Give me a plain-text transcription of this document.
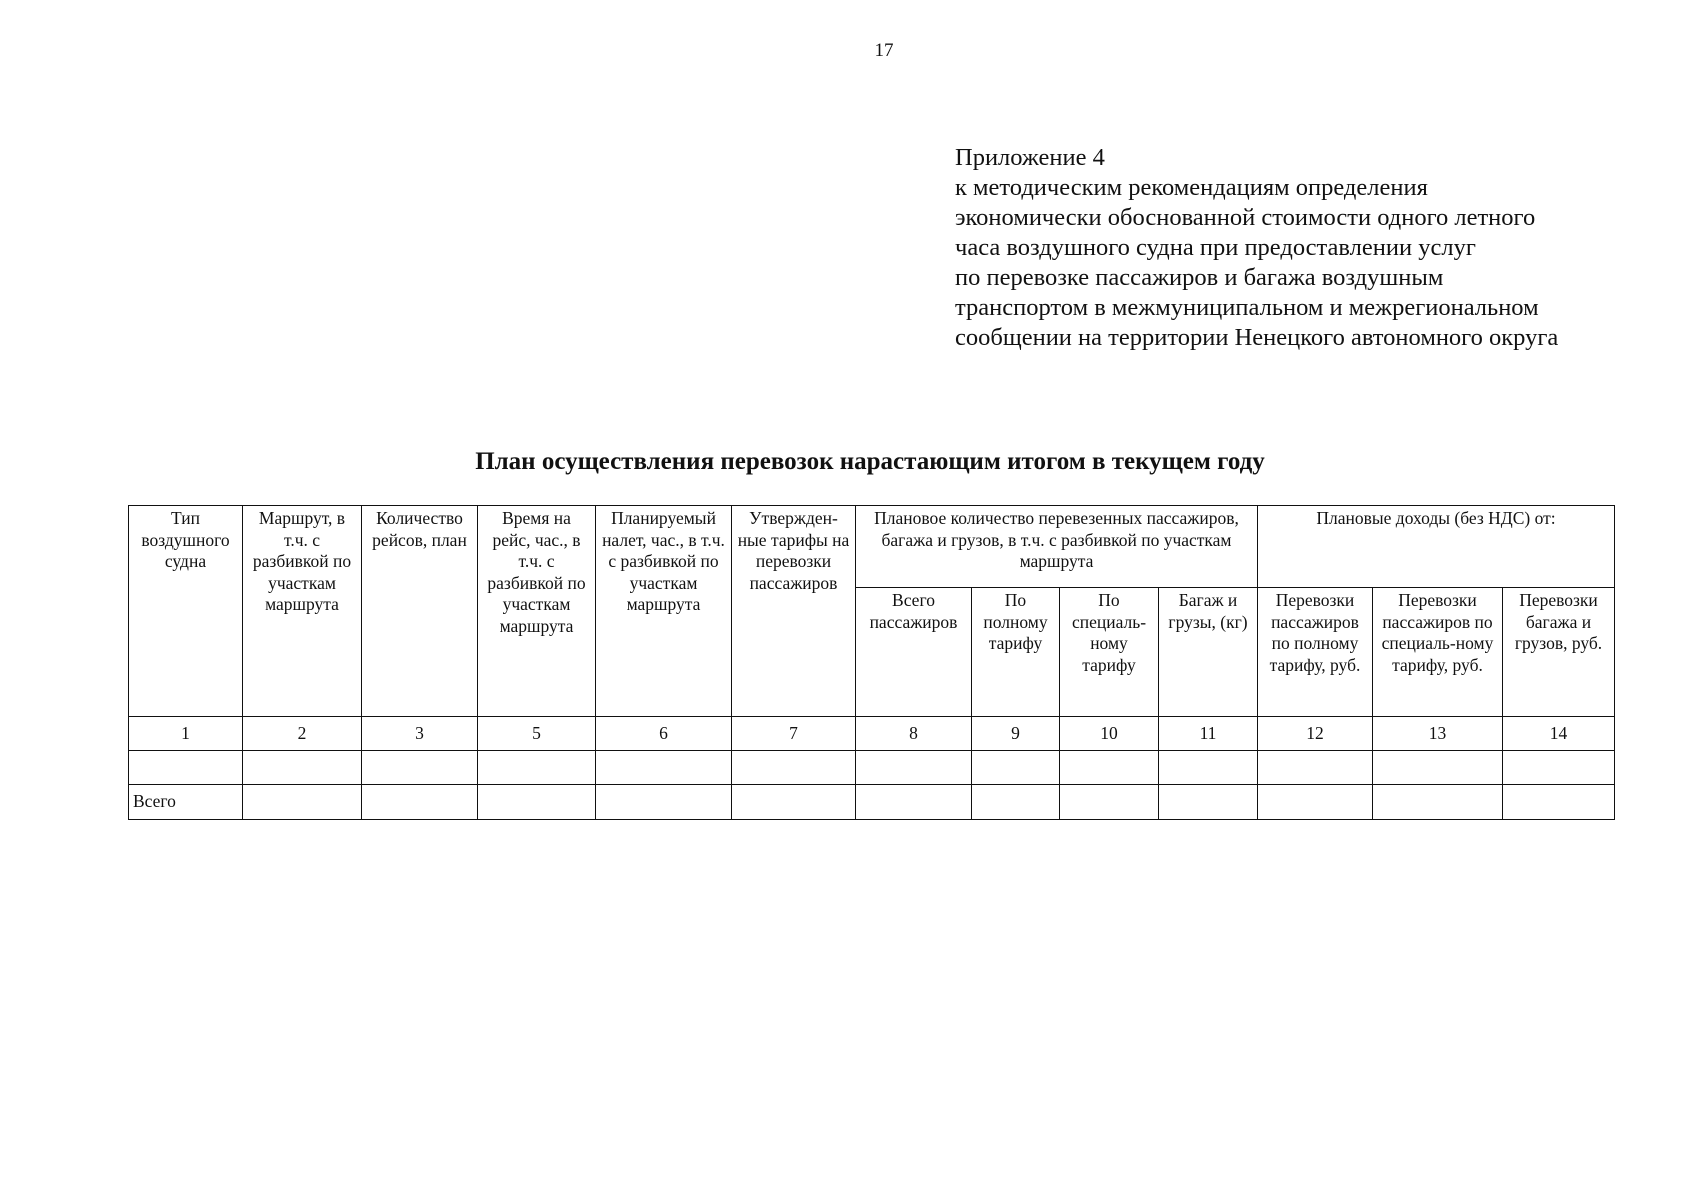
17
Приложение 4
к методическим рекомендациям определения
экономически обоснованной стоимости одного летного
часа воздушного судна при предоставлении услуг
по перевозке пассажиров и багажа воздушным
транспортом в межмуниципальном и межрегиональном
сообщении на территории Ненецкого автономного округа
План осуществления перевозок нарастающим итогом в текущем году
Тип воздушного судна	Маршрут, в т.ч. с разбивкой по участкам маршрута	Количество рейсов, план	Время на рейс, час., в т.ч. с разбивкой по участкам маршрута	Планируемый налет, час., в т.ч. с разбивкой по участкам маршрута	Утвержден-ные тарифы на перевозки пассажиров	Плановое количество перевезенных пассажиров, багажа и грузов, в т.ч. с разбивкой по участкам маршрута				Плановые доходы (без НДС) от:		
						Всего пассажиров	По полному тарифу	По специаль-ному тарифу	Багаж и грузы, (кг)	Перевозки пассажиров по полному тарифу, руб.	Перевозки пассажиров по специаль-ному тарифу, руб.	Перевозки багажа и грузов, руб.
1	2	3	5	6	7	8	9	10	11	12	13	14

Всего												
